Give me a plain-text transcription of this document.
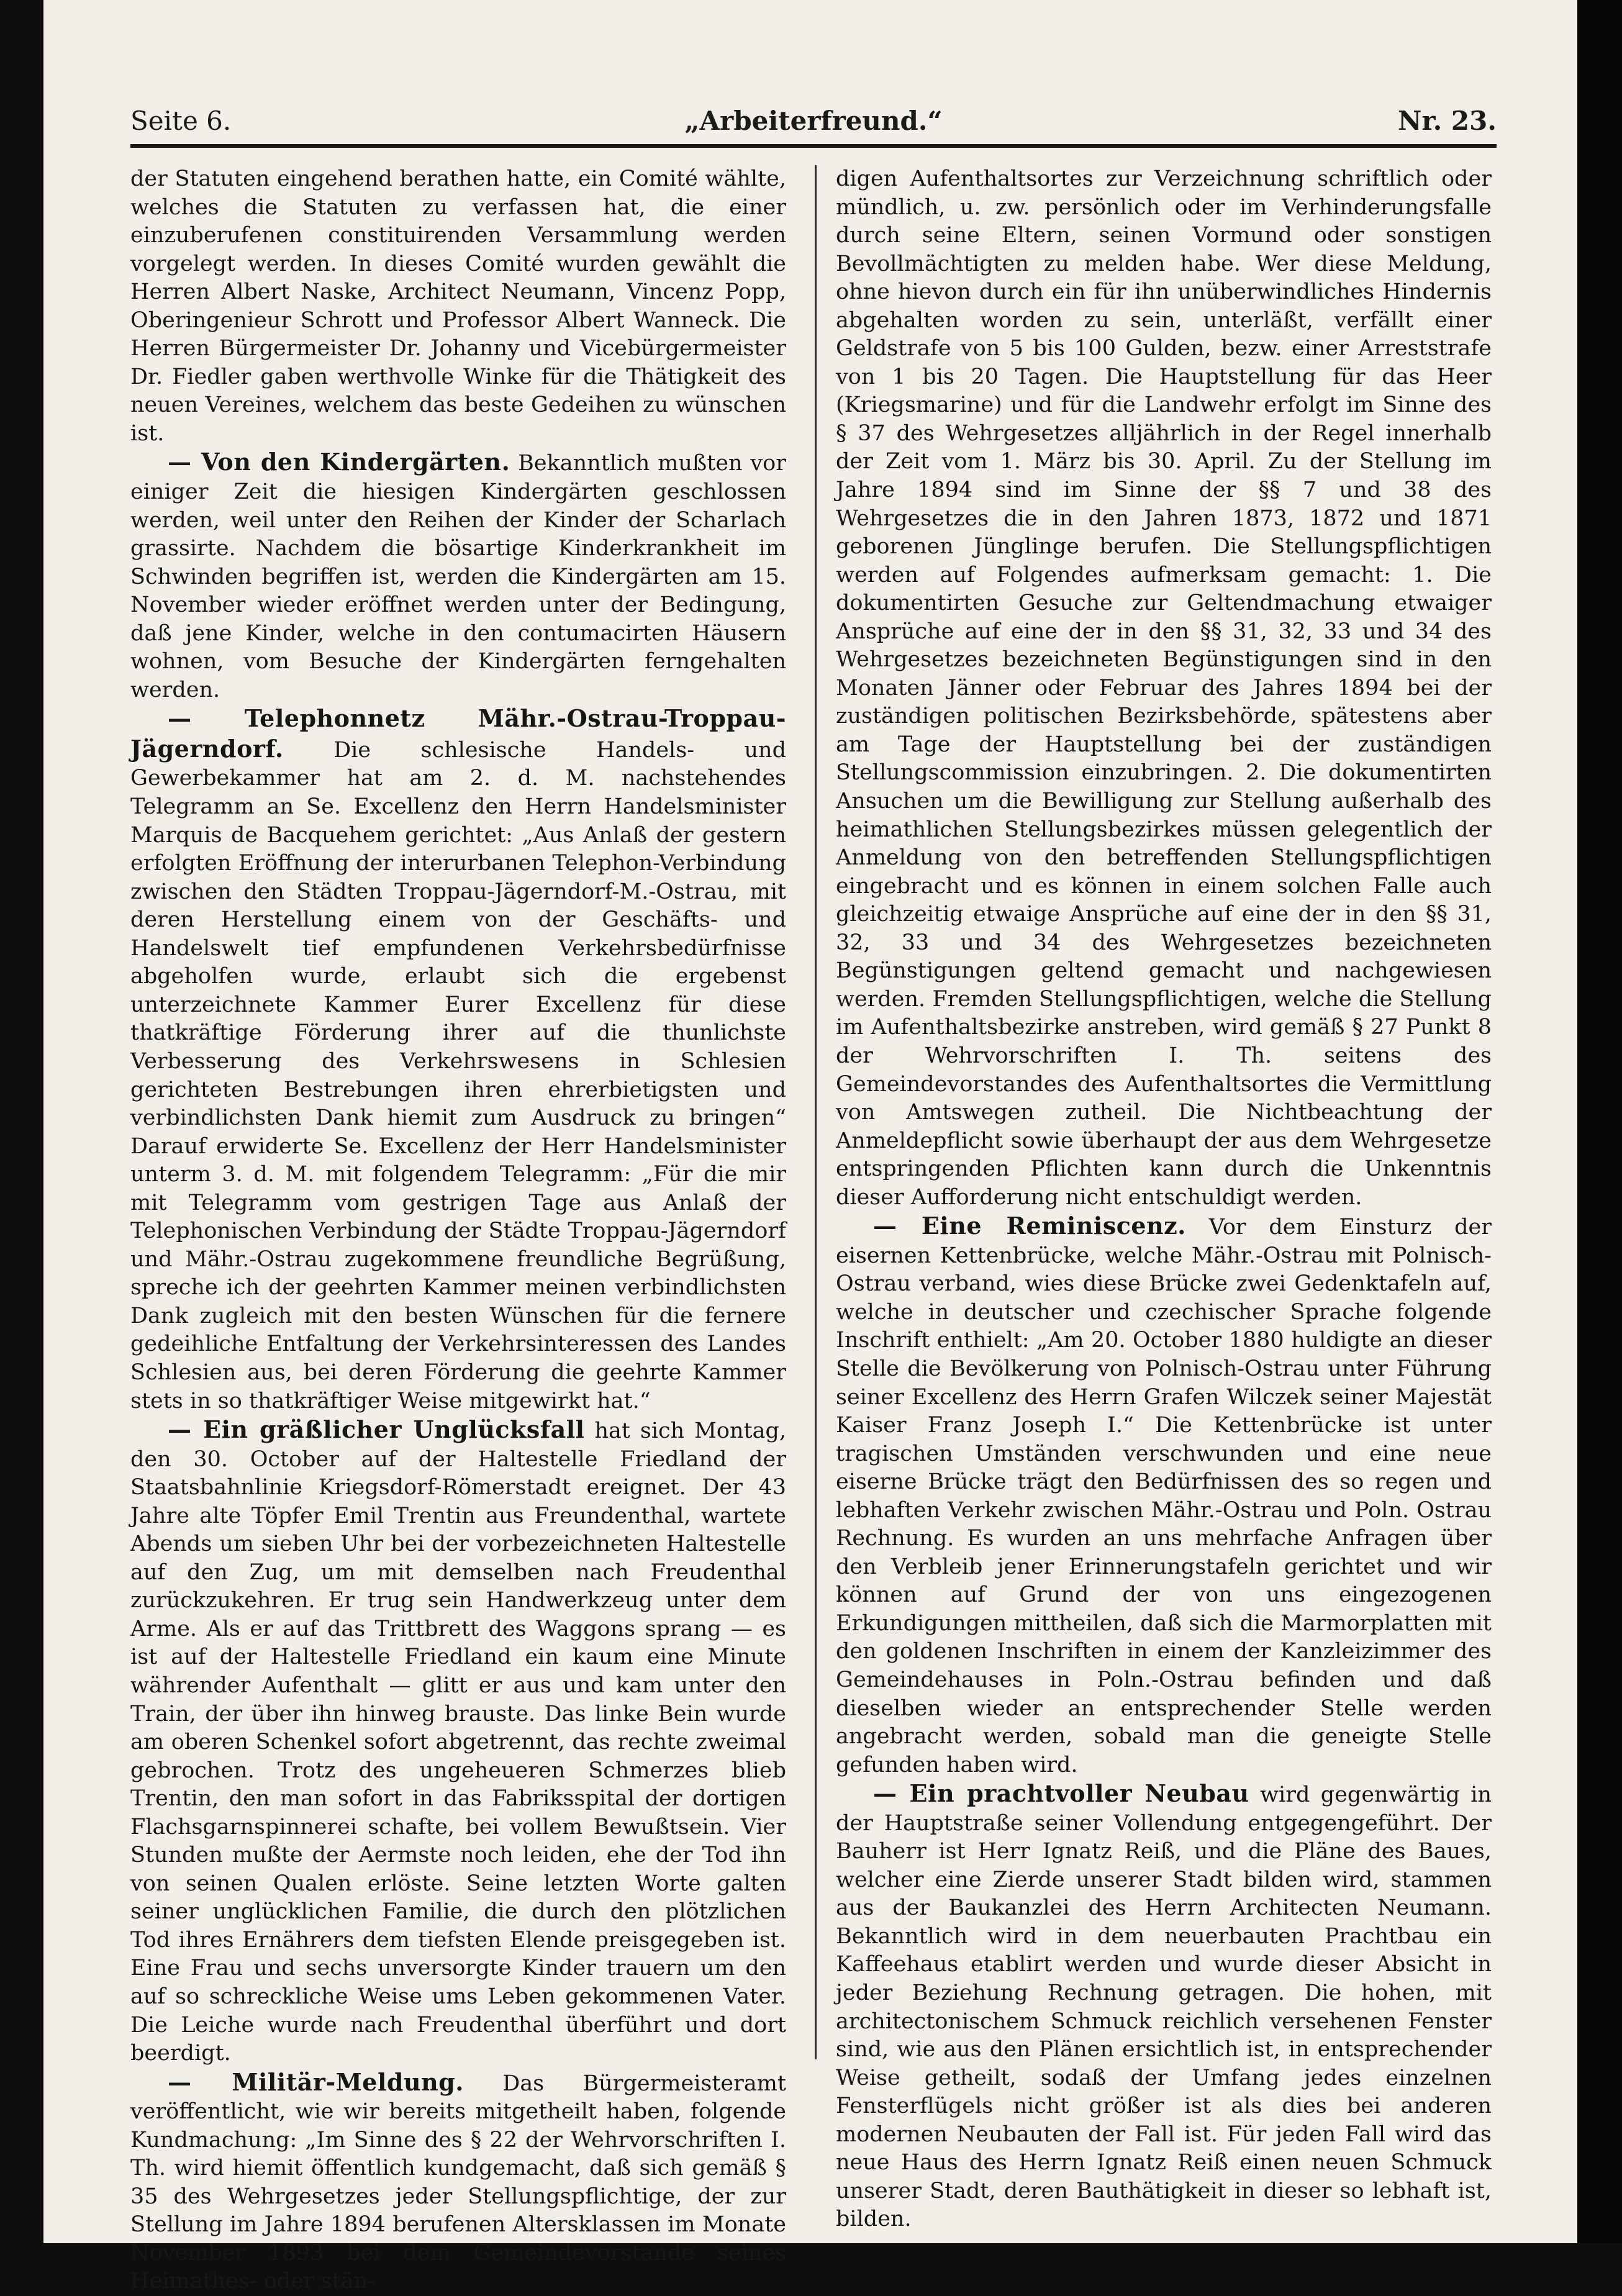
Seite 6.	„Arbeiterfreund.“	Nr. 23.

der Statuten eingehend berathen hatte, ein Comité wählte, welches die Statuten zu verfassen hat, die einer einzuberufenen constituirenden Versammlung werden vorgelegt werden. In dieses Comité wurden gewählt die Herren Albert Naske, Architect Neumann, Vincenz Popp, Oberingenieur Schrott und Professor Albert Wanneck. Die Herren Bürgermeister Dr. Johanny und Vicebürgermeister Dr. Fiedler gaben werthvolle Winke für die Thätigkeit des neuen Vereines, welchem das beste Gedeihen zu wünschen ist.

— Von den Kindergärten. Bekanntlich mußten vor einiger Zeit die hiesigen Kindergärten geschlossen werden, weil unter den Reihen der Kinder der Scharlach grassirte. Nachdem die bösartige Kinderkrankheit im Schwinden begriffen ist, werden die Kindergärten am 15. November wieder eröffnet werden unter der Bedingung, daß jene Kinder, welche in den contumacirten Häusern wohnen, vom Besuche der Kindergärten ferngehalten werden.

— Telephonnetz Mähr.-Ostrau-Troppau-Jägerndorf. Die schlesische Handels- und Gewerbekammer hat am 2. d. M. nachstehendes Telegramm an Se. Excellenz den Herrn Handelsminister Marquis de Bacquehem gerichtet: „Aus Anlaß der gestern erfolgten Eröffnung der interurbanen Telephon-Verbindung zwischen den Städten Troppau-Jägerndorf-M.-Ostrau, mit deren Herstellung einem von der Geschäfts- und Handelswelt tief empfundenen Verkehrsbedürfnisse abgeholfen wurde, erlaubt sich die ergebenst unterzeichnete Kammer Eurer Excellenz für diese thatkräftige Förderung ihrer auf die thunlichste Verbesserung des Verkehrswesens in Schlesien gerichteten Bestrebungen ihren ehrerbietigsten und verbindlichsten Dank hiemit zum Ausdruck zu bringen“ Darauf erwiderte Se. Excellenz der Herr Handelsminister unterm 3. d. M. mit folgendem Telegramm: „Für die mir mit Telegramm vom gestrigen Tage aus Anlaß der Telephonischen Verbindung der Städte Troppau-Jägerndorf und Mähr.-Ostrau zugekommene freundliche Begrüßung, spreche ich der geehrten Kammer meinen verbindlichsten Dank zugleich mit den besten Wünschen für die fernere gedeihliche Entfaltung der Verkehrsinteressen des Landes Schlesien aus, bei deren Förderung die geehrte Kammer stets in so thatkräftiger Weise mitgewirkt hat.“

— Ein gräßlicher Unglücksfall hat sich Montag, den 30. October auf der Haltestelle Friedland der Staatsbahnlinie Kriegsdorf-Römerstadt ereignet. Der 43 Jahre alte Töpfer Emil Trentin aus Freundenthal, wartete Abends um sieben Uhr bei der vorbezeichneten Haltestelle auf den Zug, um mit demselben nach Freudenthal zurückzukehren. Er trug sein Handwerkzeug unter dem Arme. Als er auf das Trittbrett des Waggons sprang — es ist auf der Haltestelle Friedland ein kaum eine Minute währender Aufenthalt — glitt er aus und kam unter den Train, der über ihn hinweg brauste. Das linke Bein wurde am oberen Schenkel sofort abgetrennt, das rechte zweimal gebrochen. Trotz des ungeheueren Schmerzes blieb Trentin, den man sofort in das Fabriksspital der dortigen Flachsgarnspinnerei schafte, bei vollem Bewußtsein. Vier Stunden mußte der Aermste noch leiden, ehe der Tod ihn von seinen Qualen erlöste. Seine letzten Worte galten seiner unglücklichen Familie, die durch den plötzlichen Tod ihres Ernährers dem tiefsten Elende preisgegeben ist. Eine Frau und sechs unversorgte Kinder trauern um den auf so schreckliche Weise ums Leben gekommenen Vater. Die Leiche wurde nach Freudenthal überführt und dort beerdigt.

— Militär-Meldung. Das Bürgermeisteramt veröffentlicht, wie wir bereits mitgetheilt haben, folgende Kundmachung: „Im Sinne des § 22 der Wehrvorschriften I. Th. wird hiemit öffentlich kundgemacht, daß sich gemäß § 35 des Wehrgesetzes jeder Stellungspflichtige, der zur Stellung im Jahre 1894 berufenen Altersklassen im Monate November 1893 bei dem Gemeindevorstande seines Heimathes- oder stän-

digen Aufenthaltsortes zur Verzeichnung schriftlich oder mündlich, u. zw. persönlich oder im Verhinderungsfalle durch seine Eltern, seinen Vormund oder sonstigen Bevollmächtigten zu melden habe. Wer diese Meldung, ohne hievon durch ein für ihn unüberwindliches Hindernis abgehalten worden zu sein, unterläßt, verfällt einer Geldstrafe von 5 bis 100 Gulden, bezw. einer Arreststrafe von 1 bis 20 Tagen. Die Hauptstellung für das Heer (Kriegsmarine) und für die Landwehr erfolgt im Sinne des § 37 des Wehrgesetzes alljährlich in der Regel innerhalb der Zeit vom 1. März bis 30. April. Zu der Stellung im Jahre 1894 sind im Sinne der §§ 7 und 38 des Wehrgesetzes die in den Jahren 1873, 1872 und 1871 geborenen Jünglinge berufen. Die Stellungspflichtigen werden auf Folgendes aufmerksam gemacht: 1. Die dokumentirten Gesuche zur Geltendmachung etwaiger Ansprüche auf eine der in den §§ 31, 32, 33 und 34 des Wehrgesetzes bezeichneten Begünstigungen sind in den Monaten Jänner oder Februar des Jahres 1894 bei der zuständigen politischen Bezirksbehörde, spätestens aber am Tage der Hauptstellung bei der zuständigen Stellungscommission einzubringen. 2. Die dokumentirten Ansuchen um die Bewilligung zur Stellung außerhalb des heimathlichen Stellungsbezirkes müssen gelegentlich der Anmeldung von den betreffenden Stellungspflichtigen eingebracht und es können in einem solchen Falle auch gleichzeitig etwaige Ansprüche auf eine der in den §§ 31, 32, 33 und 34 des Wehrgesetzes bezeichneten Begünstigungen geltend gemacht und nachgewiesen werden. Fremden Stellungspflichtigen, welche die Stellung im Aufenthaltsbezirke anstreben, wird gemäß § 27 Punkt 8 der Wehrvorschriften I. Th. seitens des Gemeindevorstandes des Aufenthaltsortes die Vermittlung von Amtswegen zutheil. Die Nichtbeachtung der Anmeldepflicht sowie überhaupt der aus dem Wehrgesetze entspringenden Pflichten kann durch die Unkenntnis dieser Aufforderung nicht entschuldigt werden.

— Eine Reminiscenz. Vor dem Einsturz der eisernen Kettenbrücke, welche Mähr.-Ostrau mit Polnisch-Ostrau verband, wies diese Brücke zwei Gedenktafeln auf, welche in deutscher und czechischer Sprache folgende Inschrift enthielt: „Am 20. October 1880 huldigte an dieser Stelle die Bevölkerung von Polnisch-Ostrau unter Führung seiner Excellenz des Herrn Grafen Wilczek seiner Majestät Kaiser Franz Joseph I.“ Die Kettenbrücke ist unter tragischen Umständen verschwunden und eine neue eiserne Brücke trägt den Bedürfnissen des so regen und lebhaften Verkehr zwischen Mähr.-Ostrau und Poln. Ostrau Rechnung. Es wurden an uns mehrfache Anfragen über den Verbleib jener Erinnerungstafeln gerichtet und wir können auf Grund der von uns eingezogenen Erkundigungen mittheilen, daß sich die Marmorplatten mit den goldenen Inschriften in einem der Kanzleizimmer des Gemeindehauses in Poln.-Ostrau befinden und daß dieselben wieder an entsprechender Stelle werden angebracht werden, sobald man die geneigte Stelle gefunden haben wird.

— Ein prachtvoller Neubau wird gegenwärtig in der Hauptstraße seiner Vollendung entgegengeführt. Der Bauherr ist Herr Ignatz Reiß, und die Pläne des Baues, welcher eine Zierde unserer Stadt bilden wird, stammen aus der Baukanzlei des Herrn Architecten Neumann. Bekanntlich wird in dem neuerbauten Prachtbau ein Kaffeehaus etablirt werden und wurde dieser Absicht in jeder Beziehung Rechnung getragen. Die hohen, mit architectonischem Schmuck reichlich versehenen Fenster sind, wie aus den Plänen ersichtlich ist, in entsprechender Weise getheilt, sodaß der Umfang jedes einzelnen Fensterflügels nicht größer ist als dies bei anderen modernen Neubauten der Fall ist. Für jeden Fall wird das neue Haus des Herrn Ignatz Reiß einen neuen Schmuck unserer Stadt, deren Bauthätigkeit in dieser so lebhaft ist, bilden.
